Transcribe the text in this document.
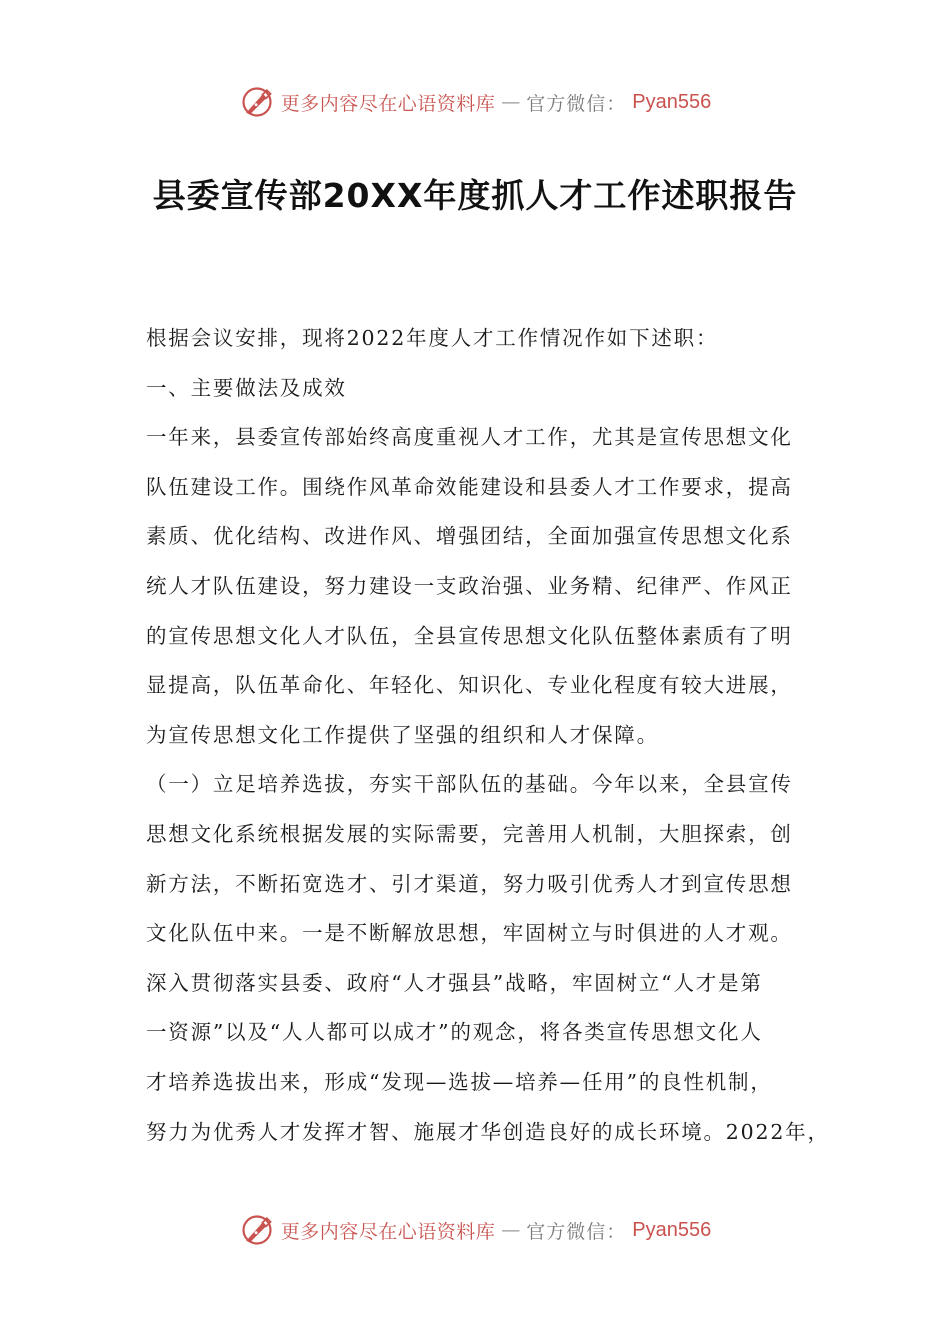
更多内容尽在心语资料库 — 官方微信： Pyan556
县委宣传部20XX年度抓人才工作述职报告
根据会议安排，现将2022年度人才工作情况作如下述职：
一、主要做法及成效
一年来，县委宣传部始终高度重视人才工作，尤其是宣传思想文化
队伍建设工作。围绕作风革命效能建设和县委人才工作要求，提高
素质、优化结构、改进作风、增强团结，全面加强宣传思想文化系
统人才队伍建设，努力建设一支政治强、业务精、纪律严、作风正
的宣传思想文化人才队伍，全县宣传思想文化队伍整体素质有了明
显提高，队伍革命化、年轻化、知识化、专业化程度有较大进展，
为宣传思想文化工作提供了坚强的组织和人才保障。
（一）立足培养选拔，夯实干部队伍的基础。今年以来，全县宣传
思想文化系统根据发展的实际需要，完善用人机制，大胆探索，创
新方法，不断拓宽选才、引才渠道，努力吸引优秀人才到宣传思想
文化队伍中来。一是不断解放思想，牢固树立与时俱进的人才观。
深入贯彻落实县委、政府“人才强县”战略，牢固树立“人才是第
一资源”以及“人人都可以成才”的观念，将各类宣传思想文化人
才培养选拔出来，形成“发现—选拔—培养—任用”的良性机制，
努力为优秀人才发挥才智、施展才华创造良好的成长环境。2022年，
更多内容尽在心语资料库 — 官方微信： Pyan556
